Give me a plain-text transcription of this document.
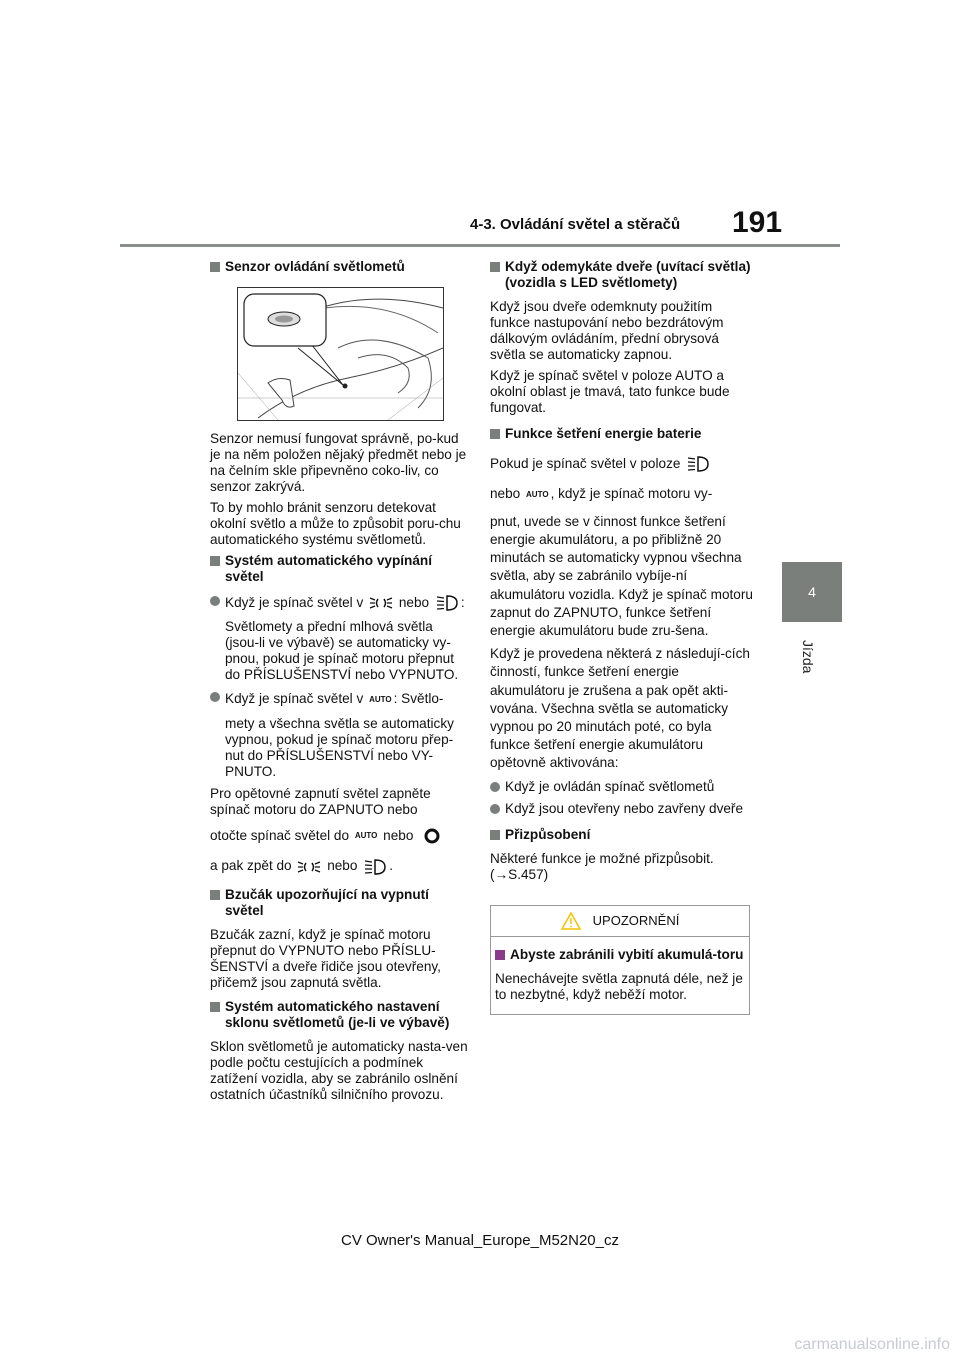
4-3. Ovládání světel a stěračů 191
4
Jízda
Senzor ovládání světlometů

Senzor nemusí fungovat správně, po-kud je na něm položen nějaký předmět nebo je na čelním skle připevněno coko-liv, co senzor zakrývá.

To by mohlo bránit senzoru detekovat okolní světlo a může to způsobit poru-chu automatického systému světlometů.

Systém automatického vypínání světel
Když je spínač světel v	nebo :

Světlomety a přední mlhová světla (jsou-li ve výbavě) se automaticky vy-pnou, pokud je spínač motoru přepnut do PŘÍSLUŠENSTVÍ nebo VYPNUTO.

Když je spínač světel v AUTO : Světlo-

mety a všechna světla se automaticky vypnou, pokud je spínač motoru přep-nut do PŘÍSLUŠENSTVÍ nebo VY-PNUTO.

Pro opětovné zapnutí světel zapněte spínač motoru do ZAPNUTO nebo

otočte spínač světel do AUTO nebo

a pak zpět do	nebo .

Bzučák upozorňující na vypnutí světel

Bzučák zazní, když je spínač motoru přepnut do VYPNUTO nebo PŘÍSLU-ŠENSTVÍ a dveře řidiče jsou otevřeny, přičemž jsou zapnutá světla.

Systém automatického nastavení sklonu světlometů (je-li ve výbavě)

Sklon světlometů je automaticky nasta-ven podle počtu cestujících a podmínek zatížení vozidla, aby se zabránilo oslnění ostatních účastníků silničního provozu.

Když odemykáte dveře (uvítací světla) (vozidla s LED světlomety)

Když jsou dveře odemknuty použitím funkce nastupování nebo bezdrátovým dálkovým ovládáním, přední obrysová světla se automaticky zapnou.

Když je spínač světel v poloze AUTO a okolní oblast je tmavá, tato funkce bude fungovat.

Funkce šetření energie baterie

Pokud je spínač světel v poloze

nebo AUTO , když je spínač motoru vy-

pnut, uvede se v činnost funkce šetření energie akumulátoru, a po přibližně 20 minutách se automaticky vypnou všechna světla, aby se zabránilo vybíje-ní akumulátoru vozidla. Když je spínač motoru zapnut do ZAPNUTO, funkce šetření energie akumulátoru bude zru-šena.

Když je provedena některá z následují-cích činností, funkce šetření energie akumulátoru je zrušena a pak opět akti-vována. Všechna světla se automaticky vypnou po 20 minutách poté, co byla funkce šetření energie akumulátoru opětovně aktivována:

Když je ovládán spínač světlometů
Když jsou otevřeny nebo zavřeny dveře
Přizpůsobení

Některé funkce je možné přizpůsobit.
(→S.457)

UPOZORNĚNÍ
Abyste zabránili vybití akumulá-toru

Nenechávejte světla zapnutá déle, než je to nezbytné, když neběží motor.

CV Owner's Manual_Europe_M52N20_cz
carmanualsonline.info
